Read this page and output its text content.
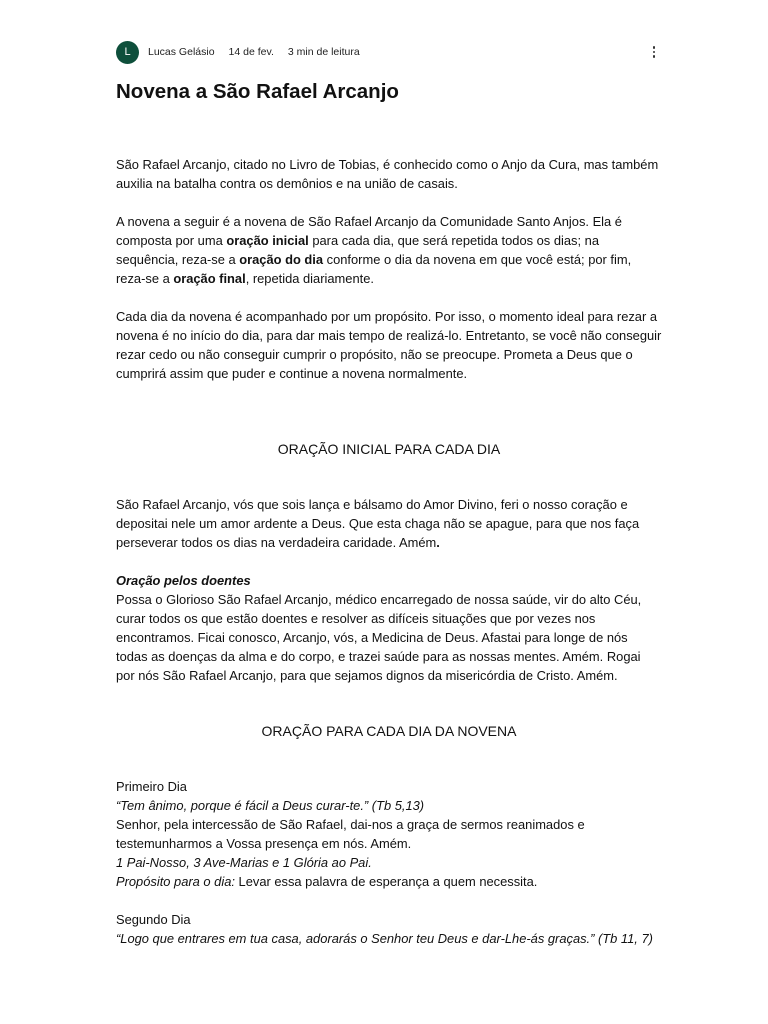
L	Lucas Gelásio 14 de fev. 3 min de leitura
Novena a São Rafael Arcanjo

São Rafael Arcanjo, citado no Livro de Tobias, é conhecido como o Anjo da Cura, mas também auxilia na batalha contra os demônios e na união de casais.

A novena a seguir é a novena de São Rafael Arcanjo da Comunidade Santo Anjos. Ela é composta por uma oração inicial para cada dia, que será repetida todos os dias; na sequência, reza-se a oração do dia conforme o dia da novena em que você está; por fim, reza-se a oração final, repetida diariamente.

Cada dia da novena é acompanhado por um propósito. Por isso, o momento ideal para rezar a novena é no início do dia, para dar mais tempo de realizá-lo. Entretanto, se você não conseguir rezar cedo ou não conseguir cumprir o propósito, não se preocupe. Prometa a Deus que o cumprirá assim que puder e continue a novena normalmente.

ORAÇÃO INICIAL PARA CADA DIA

São Rafael Arcanjo, vós que sois lança e bálsamo do Amor Divino, feri o nosso coração e depositai nele um amor ardente a Deus. Que esta chaga não se apague, para que nos faça perseverar todos os dias na verdadeira caridade. Amém.

Oração pelos doentes

Possa o Glorioso São Rafael Arcanjo, médico encarregado de nossa saúde, vir do alto Céu, curar todos os que estão doentes e resolver as difíceis situações que por vezes nos encontramos. Ficai conosco, Arcanjo, vós, a Medicina de Deus. Afastai para longe de nós todas as doenças da alma e do corpo, e trazei saúde para as nossas mentes. Amém. Rogai por nós São Rafael Arcanjo, para que sejamos dignos da misericórdia de Cristo. Amém.

ORAÇÃO PARA CADA DIA DA NOVENA

Primeiro Dia

“Tem ânimo, porque é fácil a Deus curar-te.” (Tb 5,13)

Senhor, pela intercessão de São Rafael, dai-nos a graça de sermos reanimados e testemunharmos a Vossa presença em nós. Amém.

1 Pai-Nosso, 3 Ave-Marias e 1 Glória ao Pai.

Propósito para o dia: Levar essa palavra de esperança a quem necessita.

Segundo Dia

“Logo que entrares em tua casa, adorarás o Senhor teu Deus e dar-Lhe-ás graças.” (Tb 11, 7)
